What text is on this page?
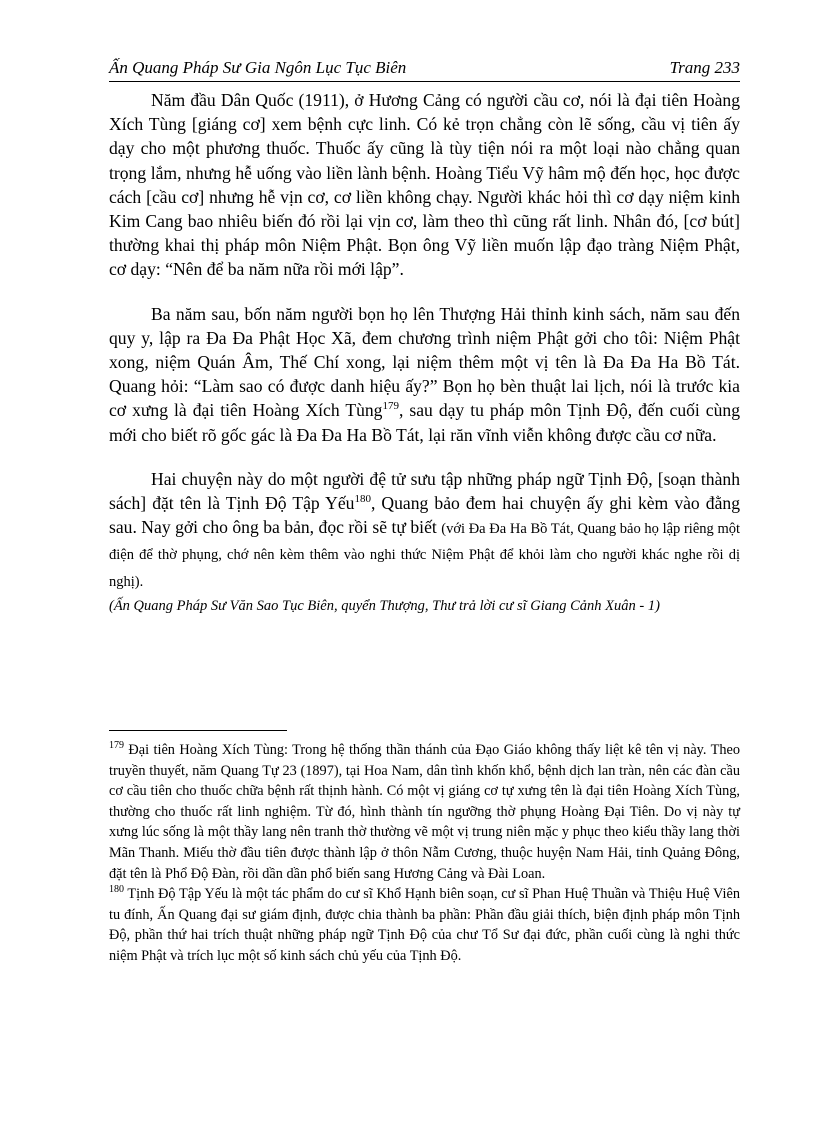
Ấn Quang Pháp Sư Gia Ngôn Lục Tục Biên	Trang 233

Năm đầu Dân Quốc (1911), ở Hương Cảng có người cầu cơ, nói là đại tiên Hoàng Xích Tùng [giáng cơ] xem bệnh cực linh. Có kẻ trọn chẳng còn lẽ sống, cầu vị tiên ấy dạy cho một phương thuốc. Thuốc ấy cũng là tùy tiện nói ra một loại nào chẳng quan trọng lắm, nhưng hễ uống vào liền lành bệnh. Hoàng Tiểu Vỹ hâm mộ đến học, học được cách [cầu cơ] nhưng hễ vịn cơ, cơ liền không chạy. Người khác hỏi thì cơ dạy niệm kinh Kim Cang bao nhiêu biến đó rồi lại vịn cơ, làm theo thì cũng rất linh. Nhân đó, [cơ bút] thường khai thị pháp môn Niệm Phật. Bọn ông Vỹ liền muốn lập đạo tràng Niệm Phật, cơ dạy: “Nên để ba năm nữa rồi mới lập”.

Ba năm sau, bốn năm người bọn họ lên Thượng Hải thỉnh kinh sách, năm sau đến quy y, lập ra Đa Đa Phật Học Xã, đem chương trình niệm Phật gởi cho tôi: Niệm Phật xong, niệm Quán Âm, Thế Chí xong, lại niệm thêm một vị tên là Đa Đa Ha Bồ Tát. Quang hỏi: “Làm sao có được danh hiệu ấy?” Bọn họ bèn thuật lai lịch, nói là trước kia cơ xưng là đại tiên Hoàng Xích Tùng$^{179}$, sau dạy tu pháp môn Tịnh Độ, đến cuối cùng mới cho biết rõ gốc gác là Đa Đa Ha Bồ Tát, lại răn vĩnh viễn không được cầu cơ nữa.

Hai chuyện này do một người đệ tử sưu tập những pháp ngữ Tịnh Độ, [soạn thành sách] đặt tên là Tịnh Độ Tập Yếu$^{180}$, Quang bảo đem hai chuyện ấy ghi kèm vào đằng sau. Nay gởi cho ông ba bản, đọc rồi sẽ tự biết (với Đa Đa Ha Bồ Tát, Quang bảo họ lập riêng một điện để thờ phụng, chớ nên kèm thêm vào nghi thức Niệm Phật để khỏi làm cho người khác nghe rồi dị nghị).
(Ấn Quang Pháp Sư Văn Sao Tục Biên, quyển Thượng, Thư trả lời cư sĩ Giang Cảnh Xuân - 1)

$^{179}$ Đại tiên Hoàng Xích Tùng: Trong hệ thống thần thánh của Đạo Giáo không thấy liệt kê tên vị này. Theo truyền thuyết, năm Quang Tự 23 (1897), tại Hoa Nam, dân tình khốn khổ, bệnh dịch lan tràn, nên các đàn cầu cơ cầu tiên cho thuốc chữa bệnh rất thịnh hành. Có một vị giáng cơ tự xưng tên là đại tiên Hoàng Xích Tùng, thường cho thuốc rất linh nghiệm. Từ đó, hình thành tín ngưỡng thờ phụng Hoàng Đại Tiên. Do vị này tự xưng lúc sống là một thầy lang nên tranh thờ thường vẽ một vị trung niên mặc y phục theo kiểu thầy lang thời Mãn Thanh. Miếu thờ đầu tiên được thành lập ở thôn Nẫm Cương, thuộc huyện Nam Hải, tỉnh Quảng Đông, đặt tên là Phổ Độ Đàn, rồi dần dần phổ biến sang Hương Cảng và Đài Loan.

$^{180}$ Tịnh Độ Tập Yếu là một tác phẩm do cư sĩ Khổ Hạnh biên soạn, cư sĩ Phan Huệ Thuần và Thiệu Huệ Viên tu đính, Ấn Quang đại sư giám định, được chia thành ba phần: Phần đầu giải thích, biện định pháp môn Tịnh Độ, phần thứ hai trích thuật những pháp ngữ Tịnh Độ của chư Tổ Sư đại đức, phần cuối cùng là nghi thức niệm Phật và trích lục một số kinh sách chủ yếu của Tịnh Độ.
